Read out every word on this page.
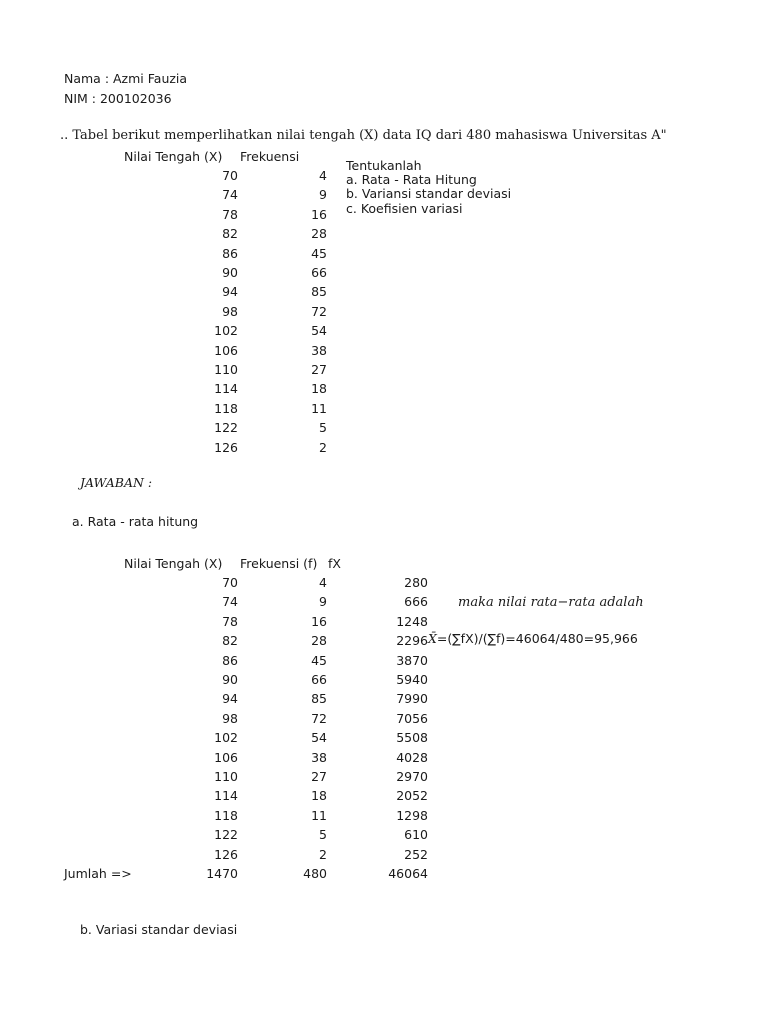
Nama : Azmi Fauzia
NIM : 200102036
.. Tabel berikut memperlihatkan nilai tengah (X) data IQ dari 480 mahasiswa Universitas A"
Nilai Tengah (X) Frekuensi
70	4
74	9
78	16
82	28
86	45
90	66
94	85
98	72
102	54
106	38
110	27
114	18
118	11
122	5
126	2
Tentukanlah
a. Rata - Rata Hitung
b. Variansi standar deviasi
c. Koefisien variasi
JAWABAN :
a. Rata - rata hitung
Nilai Tengah (X) Frekuensi (f) fX
70	4	280
74	9	666
78	16	1248
82	28	2296
86	45	3870
90	66	5940
94	85	7990
98	72	7056
102	54	5508
106	38	4028
110	27	2970
114	18	2052
118	11	1298
122	5	610
126	2	252
Jumlah =>	1470	480	46064
maka nilai rata−rata adalah
X̄=(∑fX)/(∑f)=46064/480=95,966
b. Variasi standar deviasi
